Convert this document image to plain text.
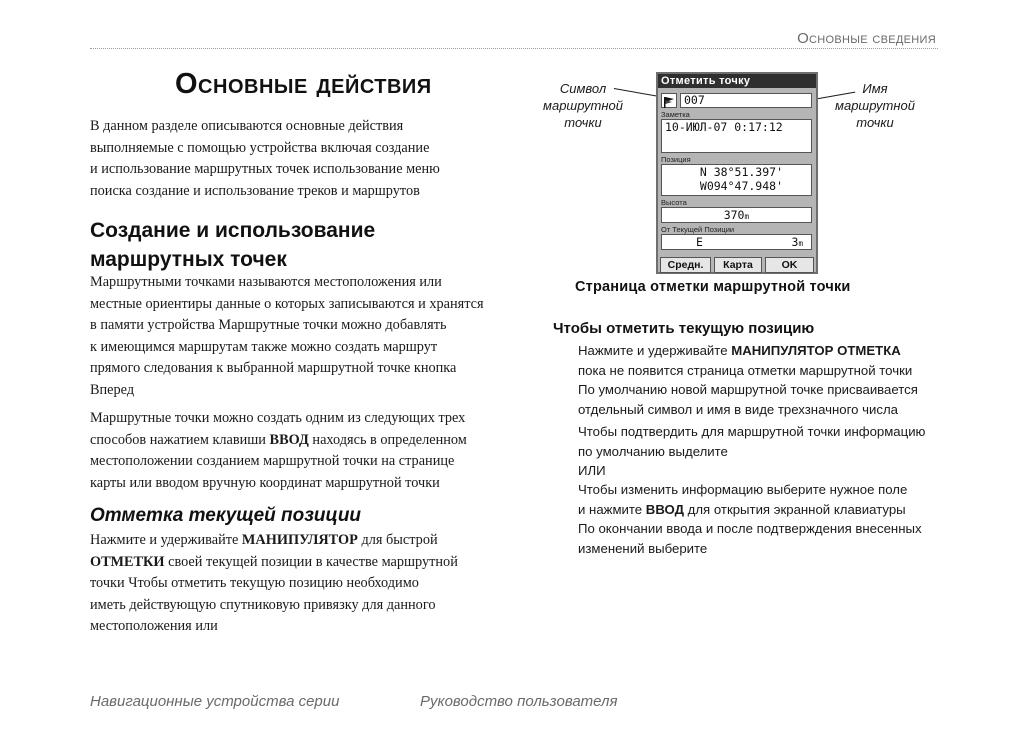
Основные сведения
Основные действия

В данном разделе описываются основные действия

выполняемые с помощью устройства включая создание

и использование маршрутных точек использование меню

поиска создание и использование треков и маршрутов

Создание и использование
маршрутных точек

Маршрутными точками называются местоположения или

местные ориентиры данные о которых записываются и хранятся

в памяти устройства Маршрутные точки можно добавлять

к имеющимся маршрутам также можно создать маршрут

прямого следования к выбранной маршрутной точке кнопка

Вперед

Маршрутные точки можно создать одним из следующих трех

способов нажатием клавиши ВВОД находясь в определенном

местоположении созданием маршрутной точки на странице

карты или вводом вручную координат маршрутной точки

Отметка текущей позиции

Нажмите и удерживайте МАНИПУЛЯТОР для быстрой

ОТМЕТКИ своей текущей позиции в качестве маршрутной

точки Чтобы отметить текущую позицию необходимо

иметь действующую спутниковую привязку для данного

местоположения или

Символ
маршрутной
точки
Имя
маршрутной
точки
Отметить точку
007
Заметка
10-ИЮЛ-07 0:17:12
Позиция
N 38°51.397'
W094°47.948'
Высота
370m
От Текущей Позиции
E	3m
Средн.	Карта	OK
Страница отметки маршрутной точки
Чтобы отметить текущую позицию

Нажмите и удерживайте МАНИПУЛЯТОР ОТМЕТКА

пока не появится страница отметки маршрутной точки

По умолчанию новой маршрутной точке присваивается

отдельный символ и имя в виде трехзначного числа

Чтобы подтвердить для маршрутной точки информацию

по умолчанию выделите

ИЛИ

Чтобы изменить информацию выберите нужное поле

и нажмите ВВОД для открытия экранной клавиатуры

По окончании ввода и после подтверждения внесенных

изменений выберите

Навигационные устройства серии	Руководство пользователя
